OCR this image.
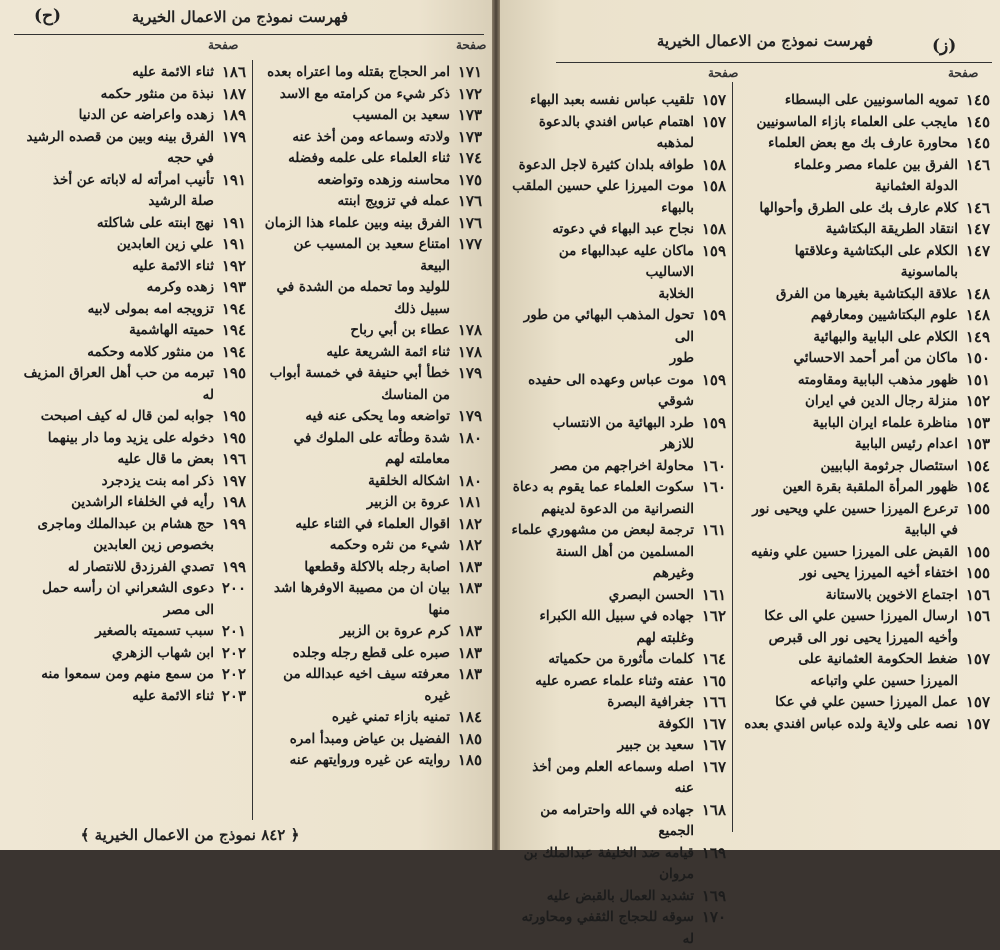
(ح)	فهرست نموذج من الاعمال الخيرية
صفحة	صفحة
١٨٦
ثناء الائمة عليه
١٨٧
نبذة من منثور حكمه
١٨٩
زهده واعراضه عن الدنيا
١٧٩
الفرق بينه وبين من قصده الرشيد
في حجه
١٩١
تأنيب امرأته له لاباته عن أخذ
صلة الرشيد
١٩١
نهج ابنته على شاكلته
١٩١
علي زين العابدين
١٩٢
ثناء الائمة عليه
١٩٣
زهده وكرمه
١٩٤
تزويجه امه بمولى لابيه
١٩٤
حميته الهاشمية
١٩٤
من منثور كلامه وحكمه
١٩٥
تبرمه من حب أهل العراق المزيف له
١٩٥
جوابه لمن قال له كيف اصبحت
١٩٥
دخوله على يزيد وما دار بينهما
١٩٦
بعض ما قال عليه
١٩٧
ذكر امه بنت يزدجرد
١٩٨
رأيه في الخلفاء الراشدين
١٩٩
حج هشام بن عبدالملك وماجرى
بخصوص زين العابدين
١٩٩
تصدي الفرزدق للانتصار له
٢٠٠
دعوى الشعراني ان رأسه حمل
الى مصر
٢٠١
سبب تسميته بالصغير
٢٠٢
ابن شهاب الزهري
٢٠٢
من سمع منهم ومن سمعوا منه
٢٠٣
ثناء الائمة عليه
١٧١
امر الحجاج بقتله وما اعتراه بعده
١٧٢
ذكر شيء من كرامته مع الاسد
١٧٣
سعيد بن المسيب
١٧٣
ولادته وسماعه ومن أخذ عنه
١٧٤
ثناء العلماء على علمه وفضله
١٧٥
محاسنه وزهده وتواضعه
١٧٦
عمله في تزويج ابنته
١٧٦
الفرق بينه وبين علماء هذا الزمان
١٧٧
امتناع سعيد بن المسيب عن البيعة
للوليد وما تحمله من الشدة في
سبيل ذلك
١٧٨
عطاء بن أبي رباح
١٧٨
ثناء ائمة الشريعة عليه
١٧٩
خطأ أبي حنيفة في خمسة أبواب
من المناسك
١٧٩
تواضعه وما يحكى عنه فيه
١٨٠
شدة وطأته على الملوك في معاملته لهم
١٨٠
اشكاله الخلقية
١٨١
عروة بن الزبير
١٨٢
اقوال العلماء في الثناء عليه
١٨٢
شيء من نثره وحكمه
١٨٣
اصابة رجله بالاكلة وقطعها
١٨٣
بيان ان من مصيبة الاوفرها اشد منها
١٨٣
كرم عروة بن الزبير
١٨٣
صبره على قطع رجله وجلده
١٨٣
معرفته سيف اخيه عبدالله من غيره
١٨٤
تمنيه بازاء تمني غيره
١٨٥
الفضيل بن عياض ومبدأ امره
١٨٥
روايته عن غيره وروايتهم عنه
﴿ ٨٤٢ نموذج من الاعمال الخيرية ﴾
فهرست نموذج من الاعمال الخيرية	(ز)
صفحة
صفحة
١٤٥
تمويه الماسونيين على البسطاء
١٤٥
مايجب على العلماء بازاء الماسونيين
١٤٥
محاورة عارف بك مع بعض العلماء
١٤٦
الفرق بين علماء مصر وعلماء
الدولة العثمانية
١٤٦
كلام عارف بك على الطرق وأحوالها
١٤٧
انتقاد الطريقة البكتاشية
١٤٧
الكلام على البكتاشية وعلاقتها
بالماسونية
١٤٨
علاقة البكتاشية بغيرها من الفرق
١٤٨
علوم البكتاشيين ومعارفهم
١٤٩
الكلام على البابية والبهائية
١٥٠
ماكان من أمر أحمد الاحسائي
١٥١
ظهور مذهب البابية ومقاومته
١٥٢
منزلة رجال الدين في ايران
١٥٣
مناظرة علماء ايران البابية
١٥٣
اعدام رئيس البابية
١٥٤
استئصال جرثومة البابيين
١٥٤
ظهور المرأة الملقبة بقرة العين
١٥٥
ترعرع الميرزا حسين علي ويحيى نور
في البابية
١٥٥
القبض على الميرزا حسين علي ونفيه
١٥٥
اختفاء أخيه الميرزا يحيى نور
١٥٦
اجتماع الاخوين بالاستانة
١٥٦
ارسال الميرزا حسين علي الى عكا
وأخيه الميرزا يحيى نور الى قبرص
١٥٧
ضغط الحكومة العثمانية على
الميرزا حسين علي واتباعه
١٥٧
عمل الميرزا حسين علي في عكا
١٥٧
نصه على ولاية ولده عباس افندي بعده
١٥٧
تلقيب عباس نفسه بعبد البهاء
١٥٧
اهتمام عباس افندي بالدعوة لمذهبه
١٥٨
طوافه بلدان كثيرة لاجل الدعوة
١٥٨
موت الميرزا علي حسين الملقب
بالبهاء
١٥٨
نجاح عبد البهاء في دعوته
١٥٩
ماكان عليه عبدالبهاء من الاساليب
الخلابة
١٥٩
تحول المذهب البهائي من طور الى
طور
١٥٩
موت عباس وعهده الى حفيده شوقي
١٥٩
طرد البهائية من الانتساب
للازهر
١٦٠
محاولة اخراجهم من مصر
١٦٠
سكوت العلماء عما يقوم به دعاة
النصرانية من الدعوة لدينهم
١٦١
ترجمة لبعض من مشهوري علماء
المسلمين من أهل السنة وغيرهم
١٦١
الحسن البصري
١٦٢
جهاده في سبيل الله الكبراء وغلبته لهم
١٦٤
كلمات مأثورة من حكمياته
١٦٥
عفته وثناء علماء عصره عليه
١٦٦
جغرافية البصرة
١٦٧
الكوفة
١٦٧
سعيد بن جبير
١٦٧
اصله وسماعه العلم ومن أخذ عنه
١٦٨
جهاده في الله واحترامه من الجميع
١٦٩
قيامه ضد الخليفة عبدالملك بن مروان
١٦٩
تشديد العمال بالقبض عليه
١٧٠
سوقه للحجاج الثقفي ومحاورته له
